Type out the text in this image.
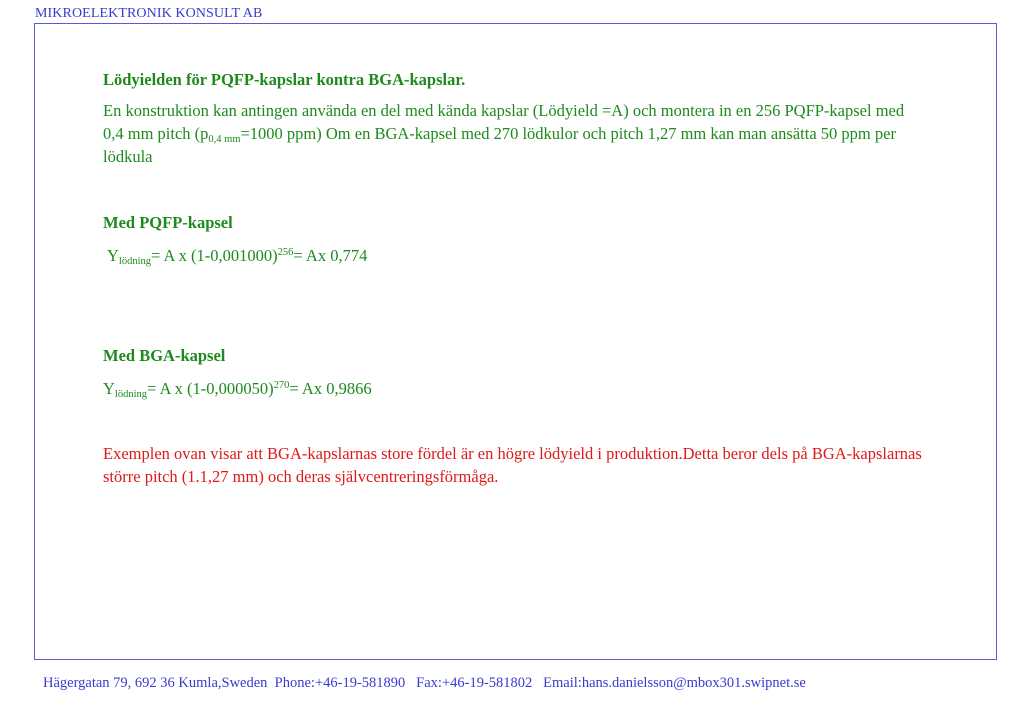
MIKROELEKTRONIK KONSULT AB
Lödyielden för PQFP-kapslar kontra BGA-kapslar.
En konstruktion kan antingen använda en del med kända kapslar (Lödyield =A) och montera in en 256 PQFP-kapsel med 0,4 mm pitch ($p_{0,4 mm}=1000$ ppm) Om en BGA-kapsel med 270 lödkulor och pitch 1,27 mm kan man ansätta 50 ppm per lödkula
Med PQFP-kapsel
$Y_{lödning}= A$ x $(1-0,001000)^{256}= Ax$ 0,774
Med BGA-kapsel
$Y_{lödning}= A$ x $(1-0,000050)^{270}= Ax$ 0,9866
Exemplen ovan visar att BGA-kapslarnas store fördel är en högre lödyield i produktion.Detta beror dels på BGA-kapslarnas större pitch (1.1,27 mm) och deras självcentreringsförmåga.
Hägergatan 79, 692 36 Kumla,Sweden  Phone:+46-19-581890   Fax:+46-19-581802   Email:hans.danielsson@mbox301.swipnet.se
